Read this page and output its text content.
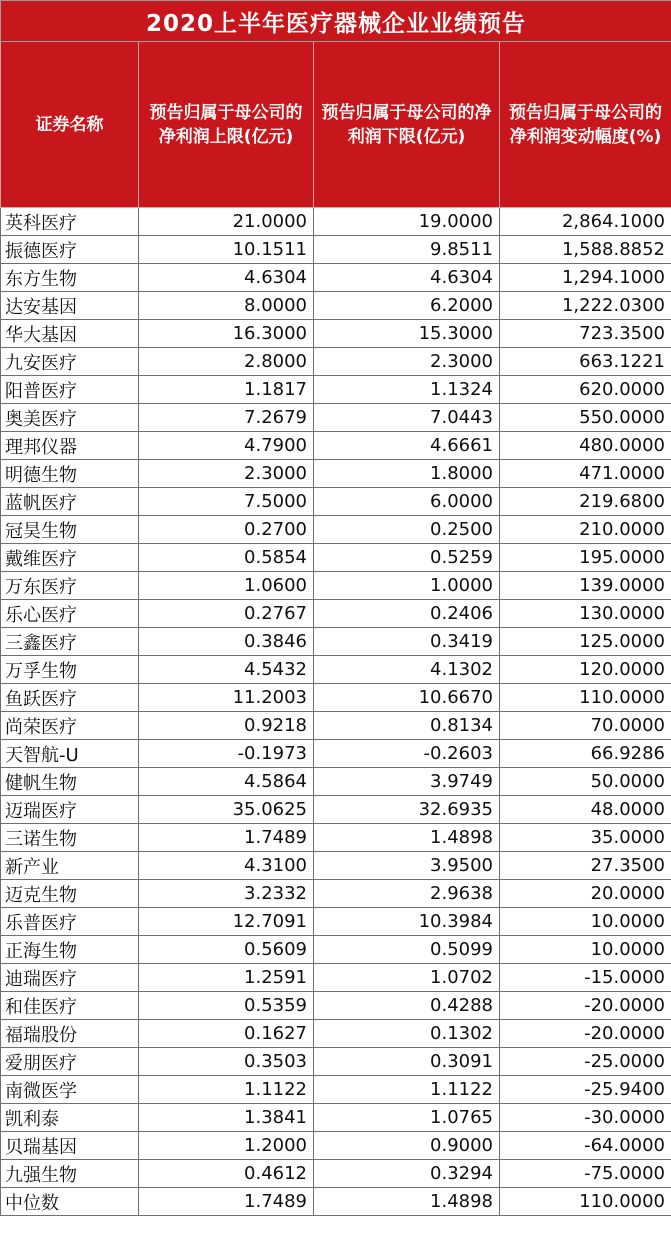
2020上半年医疗器械企业业绩预告			
证券名称	预告归属于母公司的净利润上限(亿元)	预告归属于母公司的净利润下限(亿元)	预告归属于母公司的净利润变动幅度(%)
英科医疗	21.0000	19.0000	2,864.1000
振德医疗	10.1511	9.8511	1,588.8852
东方生物	4.6304	4.6304	1,294.1000
达安基因	8.0000	6.2000	1,222.0300
华大基因	16.3000	15.3000	723.3500
九安医疗	2.8000	2.3000	663.1221
阳普医疗	1.1817	1.1324	620.0000
奥美医疗	7.2679	7.0443	550.0000
理邦仪器	4.7900	4.6661	480.0000
明德生物	2.3000	1.8000	471.0000
蓝帆医疗	7.5000	6.0000	219.6800
冠昊生物	0.2700	0.2500	210.0000
戴维医疗	0.5854	0.5259	195.0000
万东医疗	1.0600	1.0000	139.0000
乐心医疗	0.2767	0.2406	130.0000
三鑫医疗	0.3846	0.3419	125.0000
万孚生物	4.5432	4.1302	120.0000
鱼跃医疗	11.2003	10.6670	110.0000
尚荣医疗	0.9218	0.8134	70.0000
天智航-U	-0.1973	-0.2603	66.9286
健帆生物	4.5864	3.9749	50.0000
迈瑞医疗	35.0625	32.6935	48.0000
三诺生物	1.7489	1.4898	35.0000
新产业	4.3100	3.9500	27.3500
迈克生物	3.2332	2.9638	20.0000
乐普医疗	12.7091	10.3984	10.0000
正海生物	0.5609	0.5099	10.0000
迪瑞医疗	1.2591	1.0702	-15.0000
和佳医疗	0.5359	0.4288	-20.0000
福瑞股份	0.1627	0.1302	-20.0000
爱朋医疗	0.3503	0.3091	-25.0000
南微医学	1.1122	1.1122	-25.9400
凯利泰	1.3841	1.0765	-30.0000
贝瑞基因	1.2000	0.9000	-64.0000
九强生物	0.4612	0.3294	-75.0000
中位数	1.7489	1.4898	110.0000
